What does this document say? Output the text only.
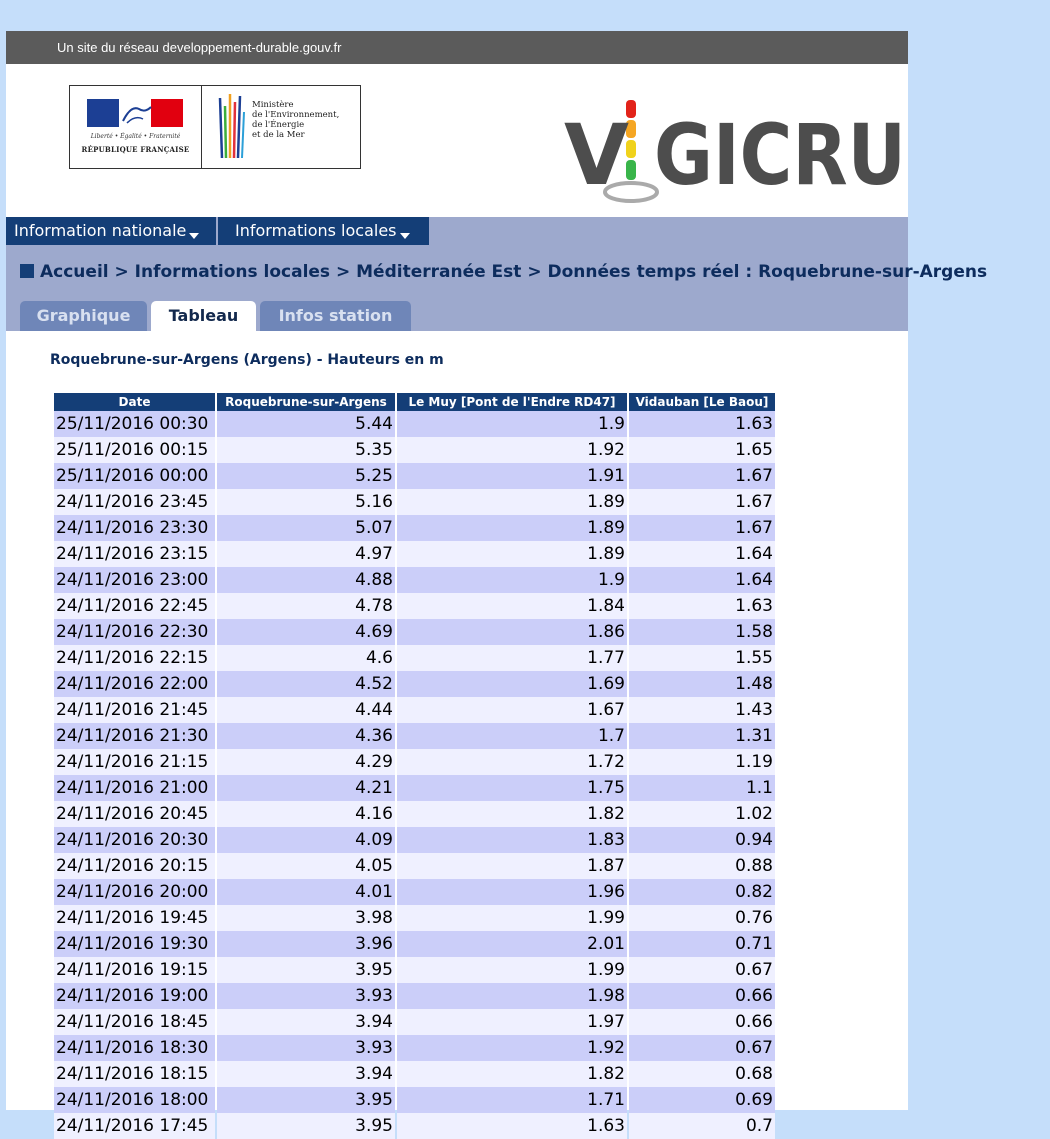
Un site du réseau developpement-durable.gouv.fr
Liberté • Égalité • Fraternité
RÉPUBLIQUE FRANÇAISE
Ministère
de l'Environnement,
de l'Énergie
et de la Mer	V GICRU
Information nationale	Informations locales
Accueil > Informations locales > Méditerranée Est > Données temps réel : Roquebrune-sur-Argens
Graphique	Tableau	Infos station
Roquebrune-sur-Argens (Argens) - Hauteurs en m
Date	Roquebrune-sur-Argens	Le Muy [Pont de l'Endre RD47]	Vidauban [Le Baou]
25/11/2016 00:30	5.44	1.9	1.63
25/11/2016 00:15	5.35	1.92	1.65
25/11/2016 00:00	5.25	1.91	1.67
24/11/2016 23:45	5.16	1.89	1.67
24/11/2016 23:30	5.07	1.89	1.67
24/11/2016 23:15	4.97	1.89	1.64
24/11/2016 23:00	4.88	1.9	1.64
24/11/2016 22:45	4.78	1.84	1.63
24/11/2016 22:30	4.69	1.86	1.58
24/11/2016 22:15	4.6	1.77	1.55
24/11/2016 22:00	4.52	1.69	1.48
24/11/2016 21:45	4.44	1.67	1.43
24/11/2016 21:30	4.36	1.7	1.31
24/11/2016 21:15	4.29	1.72	1.19
24/11/2016 21:00	4.21	1.75	1.1
24/11/2016 20:45	4.16	1.82	1.02
24/11/2016 20:30	4.09	1.83	0.94
24/11/2016 20:15	4.05	1.87	0.88
24/11/2016 20:00	4.01	1.96	0.82
24/11/2016 19:45	3.98	1.99	0.76
24/11/2016 19:30	3.96	2.01	0.71
24/11/2016 19:15	3.95	1.99	0.67
24/11/2016 19:00	3.93	1.98	0.66
24/11/2016 18:45	3.94	1.97	0.66
24/11/2016 18:30	3.93	1.92	0.67
24/11/2016 18:15	3.94	1.82	0.68
24/11/2016 18:00	3.95	1.71	0.69
24/11/2016 17:45	3.95	1.63	0.7
